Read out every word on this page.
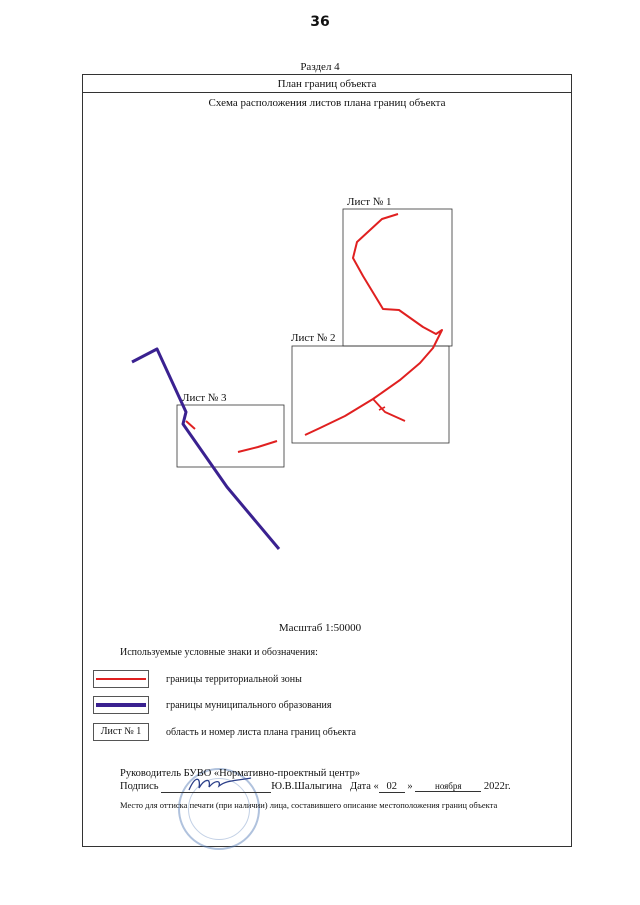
36
Раздел 4
План границ объекта
Схема расположения листов плана границ объекта
Лист № 1
Лист № 2
Лист № 3
Масштаб 1:50000
Используемые условные знаки и обозначения:
границы территориальной зоны
границы муниципального образования
Лист № 1	область и номер листа плана границ объекта
Руководитель БУВО «Нормативно-проектный центр»
Подпись	Ю.В.Шалыгина Дата « 02 » ноября 2022г.
Место для оттиска печати (при наличии) лица, составившего описание местоположения границ объекта
